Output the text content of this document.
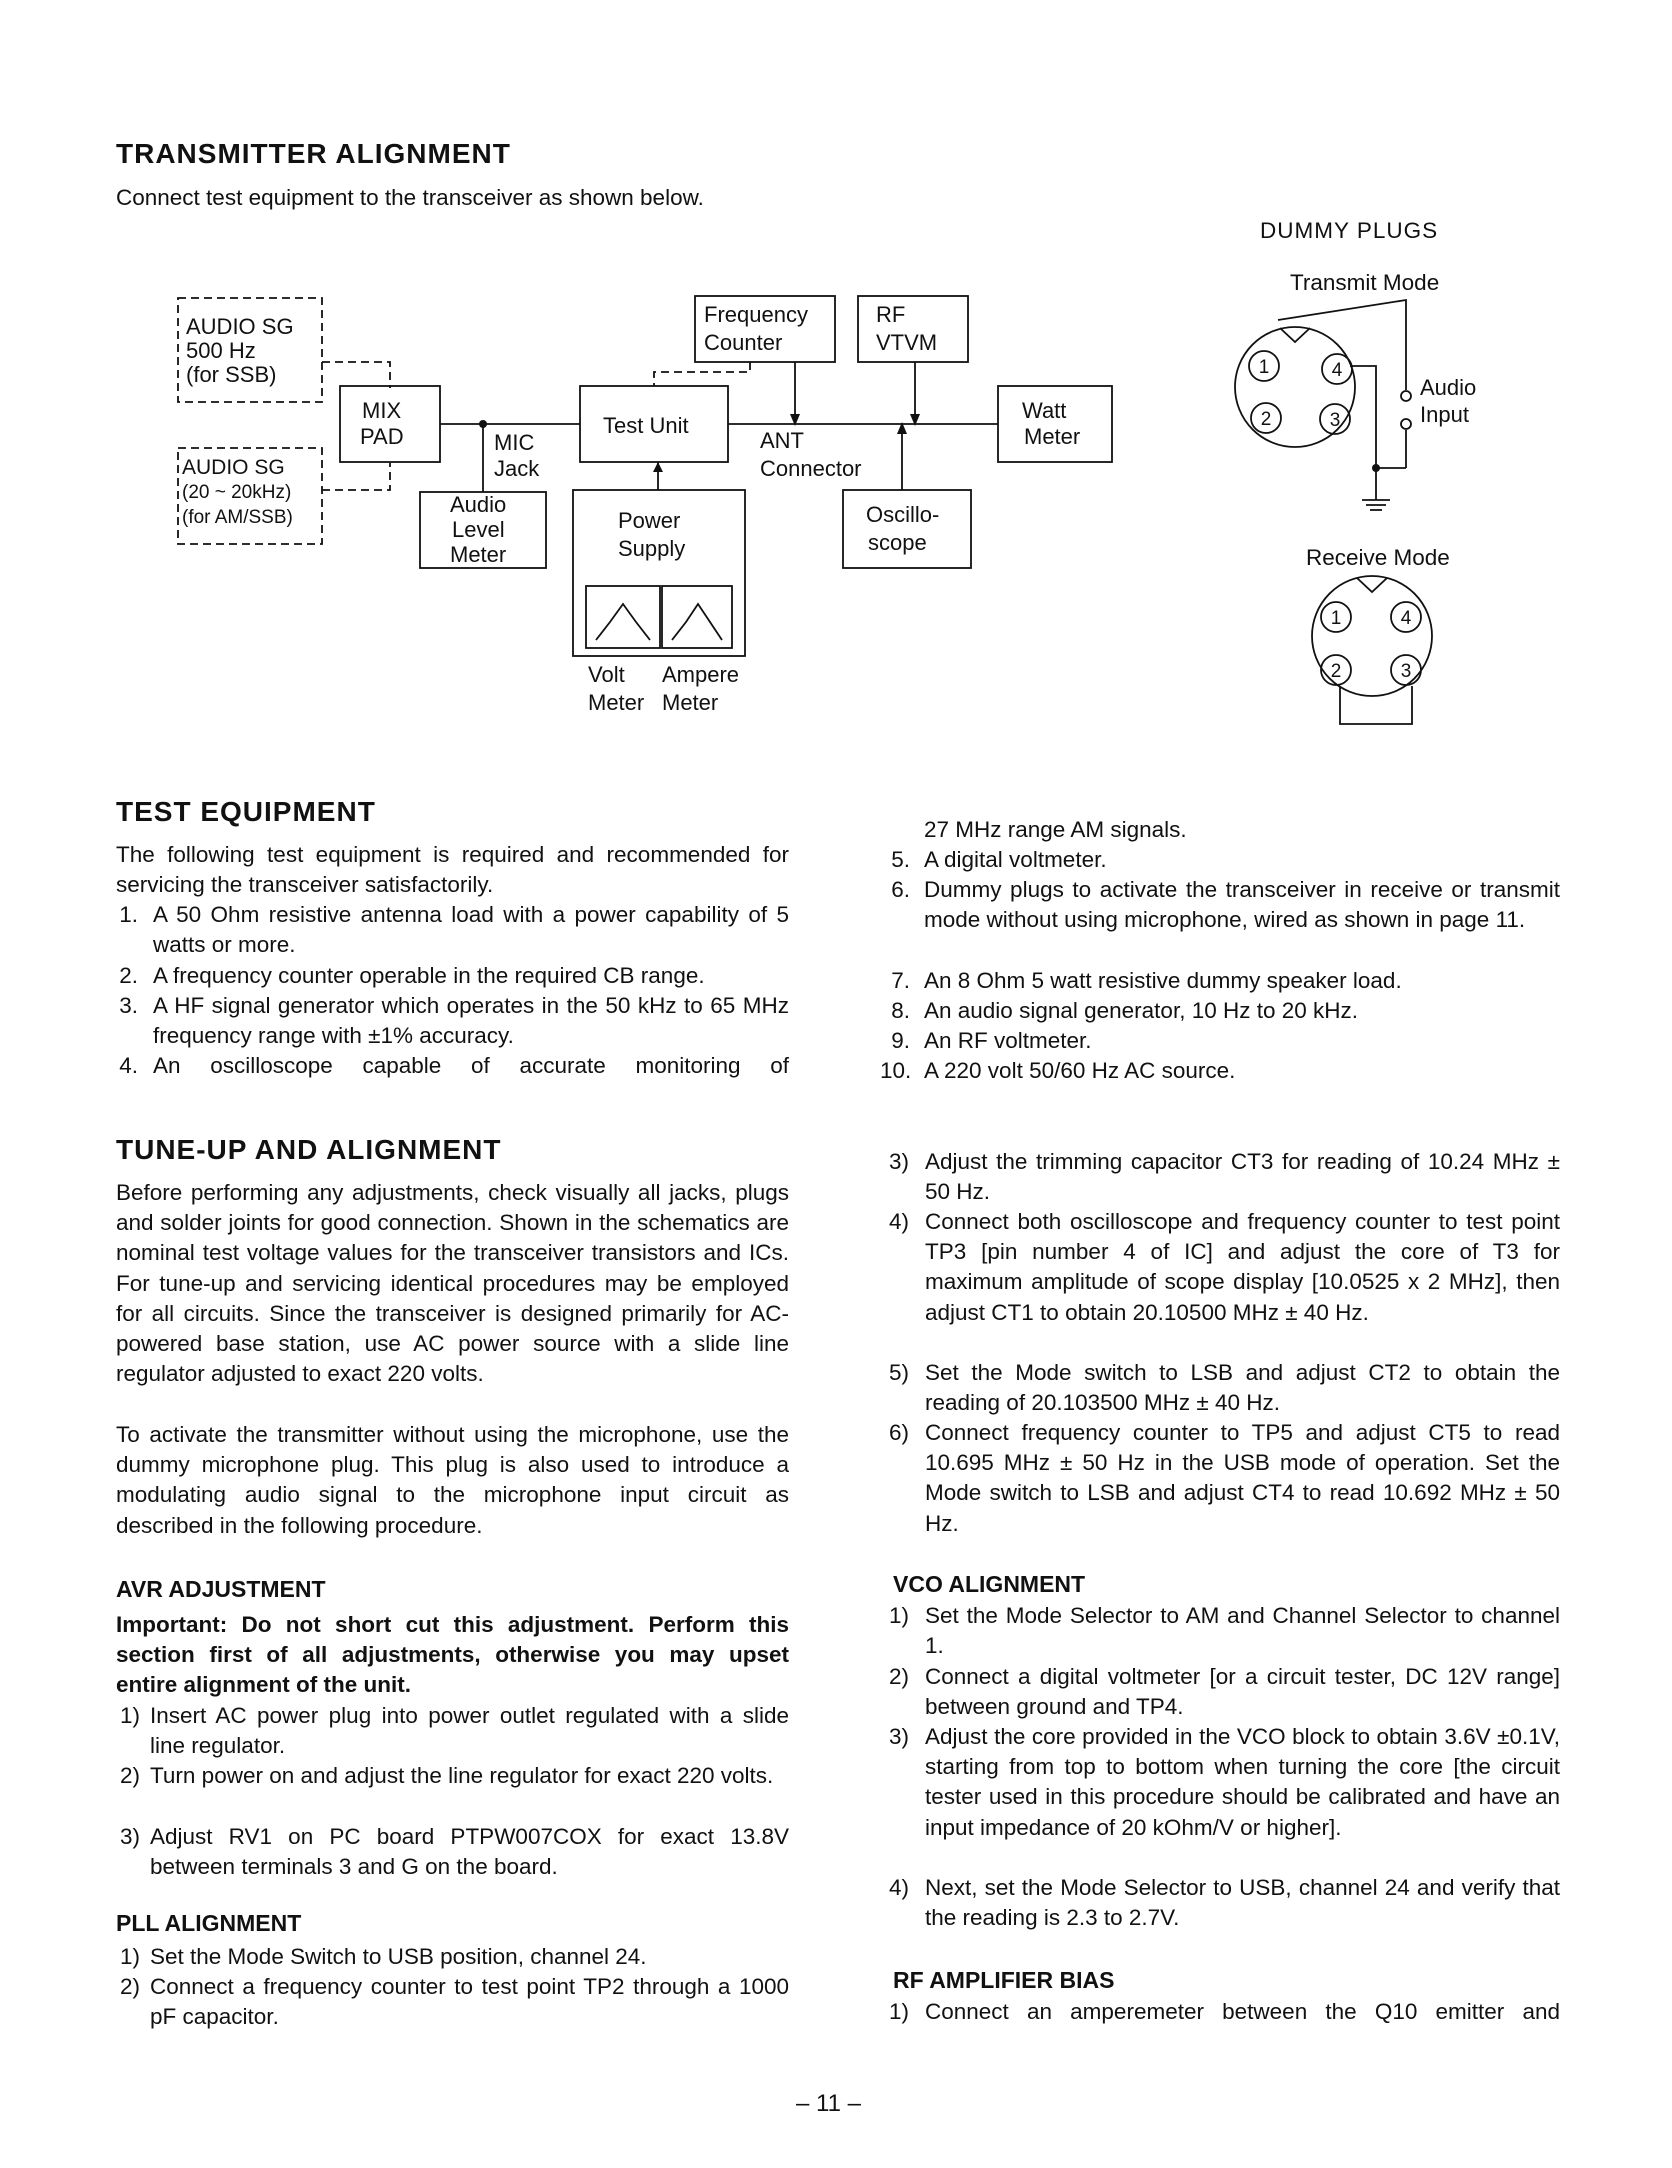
TRANSMITTER ALIGNMENT
Connect test equipment to the transceiver as shown below.
AUDIO SG
500 Hz
(for SSB)
AUDIO SG
(20 ~ 20kHz)
(for AM/SSB)
MIX
PAD	MIC
Jack
Audio
Level
Meter
Test Unit
Power
Supply
Volt
Meter
Ampere
Meter
Frequency
Counter
RF
VTVM
ANT
Connector
Oscillo-
scope
Watt
Meter
DUMMY PLUGS
Transmit Mode
Receive Mode
1
2	3
4
1
2	3
4
Audio
Input
TEST EQUIPMENT
The following test equipment is required and recommended for servicing the transceiver satisfactorily.
1. A 50 Ohm resistive antenna load with a power capability of 5 watts or more.
2. A frequency counter operable in the required CB range.
3. A HF signal generator which operates in the 50 kHz to 65 MHz frequency range with ±1% accuracy.
4. An oscilloscope capable of accurate monitoring of
27 MHz range AM signals.
5. A digital voltmeter.
6. Dummy plugs to activate the transceiver in receive or transmit mode without using microphone, wired as shown in page 11.
7. An 8 Ohm 5 watt resistive dummy speaker load.
8. An audio signal generator, 10 Hz to 20 kHz.
9. An RF voltmeter.
10. A 220 volt 50/60 Hz AC source.
TUNE-UP AND ALIGNMENT
Before performing any adjustments, check visually all jacks, plugs and solder joints for good connection. Shown in the schematics are nominal test voltage values for the transceiver transistors and ICs. For tune-up and servicing identical procedures may be employed for all circuits. Since the transceiver is designed primarily for AC-powered base station, use AC power source with a slide line regulator adjusted to exact 220 volts.
To activate the transmitter without using the microphone, use the dummy microphone plug. This plug is also used to introduce a modulating audio signal to the microphone input circuit as described in the following procedure.
AVR ADJUSTMENT
Important: Do not short cut this adjustment. Perform this section first of all adjustments, otherwise you may upset entire alignment of the unit.
1) Insert AC power plug into power outlet regulated with a slide line regulator.
2) Turn power on and adjust the line regulator for exact 220 volts.
3) Adjust RV1 on PC board PTPW007COX for exact 13.8V between terminals 3 and G on the board.
PLL ALIGNMENT
1) Set the Mode Switch to USB position, channel 24.
2) Connect a frequency counter to test point TP2 through a 1000 pF capacitor.
3) Adjust the trimming capacitor CT3 for reading of 10.24 MHz ± 50 Hz.
4) Connect both oscilloscope and frequency counter to test point TP3 [pin number 4 of IC] and adjust the core of T3 for maximum amplitude of scope display [10.0525 x 2 MHz], then adjust CT1 to obtain 20.10500 MHz ± 40 Hz.
5) Set the Mode switch to LSB and adjust CT2 to obtain the reading of 20.103500 MHz ± 40 Hz.
6) Connect frequency counter to TP5 and adjust CT5 to read 10.695 MHz ± 50 Hz in the USB mode of operation. Set the Mode switch to LSB and adjust CT4 to read 10.692 MHz ± 50 Hz.
VCO ALIGNMENT
1) Set the Mode Selector to AM and Channel Selector to channel 1.
2) Connect a digital voltmeter [or a circuit tester, DC 12V range] between ground and TP4.
3) Adjust the core provided in the VCO block to obtain 3.6V ±0.1V, starting from top to bottom when turning the core [the circuit tester used in this procedure should be calibrated and have an input impedance of 20 kOhm/V or higher].
4) Next, set the Mode Selector to USB, channel 24 and verify that the reading is 2.3 to 2.7V.
RF AMPLIFIER BIAS
1) Connect an amperemeter between the Q10 emitter and
– 11 –
